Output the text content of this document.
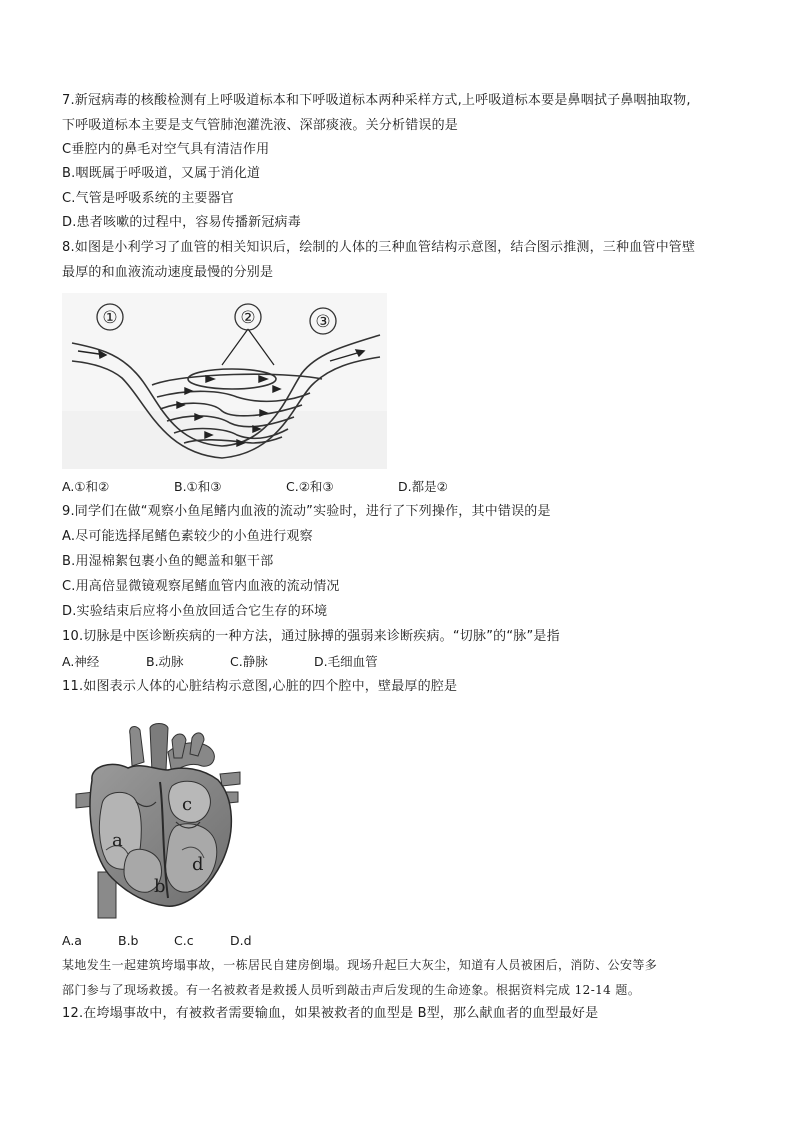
7.新冠病毒的核酸检测有上呼吸道标本和下呼吸道标本两种采样方式,上呼吸道标本要是鼻咽拭子鼻咽抽取物,
下呼吸道标本主要是支气管肺泡灌洗液、深部痰液。关分析错误的是
C垂腔内的鼻毛对空气具有清洁作用
B.咽既属于呼吸道，又属于消化道
C.气管是呼吸系统的主要器官
D.患者咳嗽的过程中，容易传播新冠病毒
8.如图是小利学习了血管的相关知识后，绘制的人体的三种血管结构示意图，结合图示推测，三种血管中管壁
最厚的和血液流动速度最慢的分别是
①	②	③
A.①和②	B.①和③	C.②和③	D.都是②
9.同学们在做“观察小鱼尾鳍内血液的流动”实验时，进行了下列操作，其中错误的是
A.尽可能选择尾鳍色素较少的小鱼进行观察
B.用湿棉絮包裹小鱼的鳃盖和躯干部
C.用高倍显微镜观察尾鳍血管内血液的流动情况
D.实验结束后应将小鱼放回适合它生存的环境
10.切脉是中医诊断疾病的一种方法，通过脉搏的强弱来诊断疾病。“切脉”的“脉”是指
A.神经	B.动脉	C.静脉	D.毛细血管
11.如图表示人体的心脏结构示意图,心脏的四个腔中，壁最厚的腔是
a
b
c
d
A.a	B.b	C.c	D.d
某地发生一起建筑垮塌事故，一栋居民自建房倒塌。现场升起巨大灰尘，知道有人员被困后，消防、公安等多
部门参与了现场救援。有一名被救者是救援人员听到敲击声后发现的生命迹象。根据资料完成 12-14 题。
12.在垮塌事故中，有被救者需要输血，如果被救者的血型是 B型，那么献血者的血型最好是
